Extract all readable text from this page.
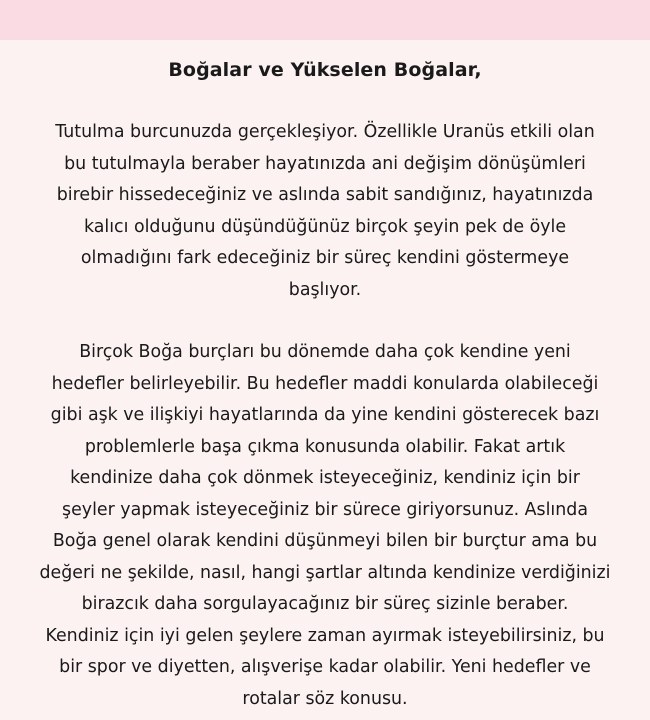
Boğalar ve Yükselen Boğalar,

Tutulma burcunuzda gerçekleşiyor. Özellikle Uranüs etkili olan
bu tutulmayla beraber hayatınızda ani değişim dönüşümleri
birebir hissedeceğiniz ve aslında sabit sandığınız, hayatınızda
kalıcı olduğunu düşündüğünüz birçok şeyin pek de öyle
olmadığını fark edeceğiniz bir süreç kendini göstermeye
başlıyor.

Birçok Boğa burçları bu dönemde daha çok kendine yeni
hedefler belirleyebilir. Bu hedefler maddi konularda olabileceği
gibi aşk ve ilişkiyi hayatlarında da yine kendini gösterecek bazı
problemlerle başa çıkma konusunda olabilir. Fakat artık
kendinize daha çok dönmek isteyeceğiniz, kendiniz için bir
şeyler yapmak isteyeceğiniz bir sürece giriyorsunuz. Aslında
Boğa genel olarak kendini düşünmeyi bilen bir burçtur ama bu
değeri ne şekilde, nasıl, hangi şartlar altında kendinize verdiğinizi
birazcık daha sorgulayacağınız bir süreç sizinle beraber.
Kendiniz için iyi gelen şeylere zaman ayırmak isteyebilirsiniz, bu
bir spor ve diyetten, alışverişe kadar olabilir. Yeni hedefler ve
rotalar söz konusu.
